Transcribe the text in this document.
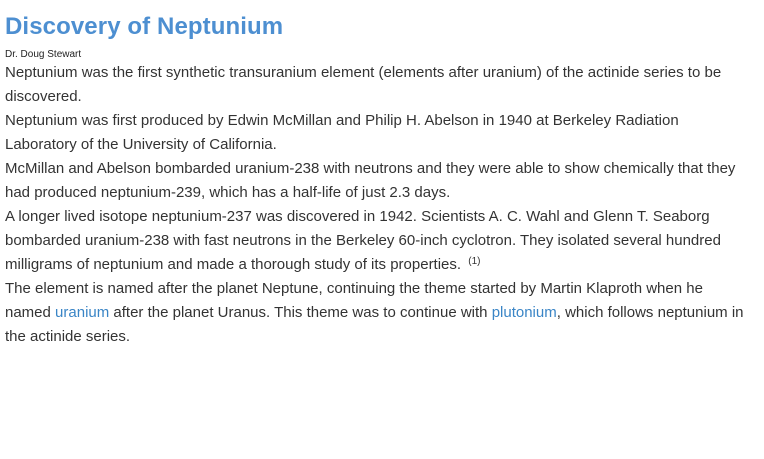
Discovery of Neptunium
Dr. Doug Stewart

Neptunium was the first synthetic transuranium element (elements after uranium) of the actinide series to be discovered.

Neptunium was first produced by Edwin McMillan and Philip H. Abelson in 1940 at Berkeley Radiation Laboratory of the University of California.

McMillan and Abelson bombarded uranium-238 with neutrons and they were able to show chemically that they had produced neptunium-239, which has a half-life of just 2.3 days.

A longer lived isotope neptunium-237 was discovered in 1942. Scientists A. C. Wahl and Glenn T. Seaborg bombarded uranium-238 with fast neutrons in the Berkeley 60-inch cyclotron. They isolated several hundred milligrams of neptunium and made a thorough study of its properties. $^{(1)}$

The element is named after the planet Neptune, continuing the theme started by Martin Klaproth when he named uranium after the planet Uranus. This theme was to continue with plutonium, which follows neptunium in the actinide series.
